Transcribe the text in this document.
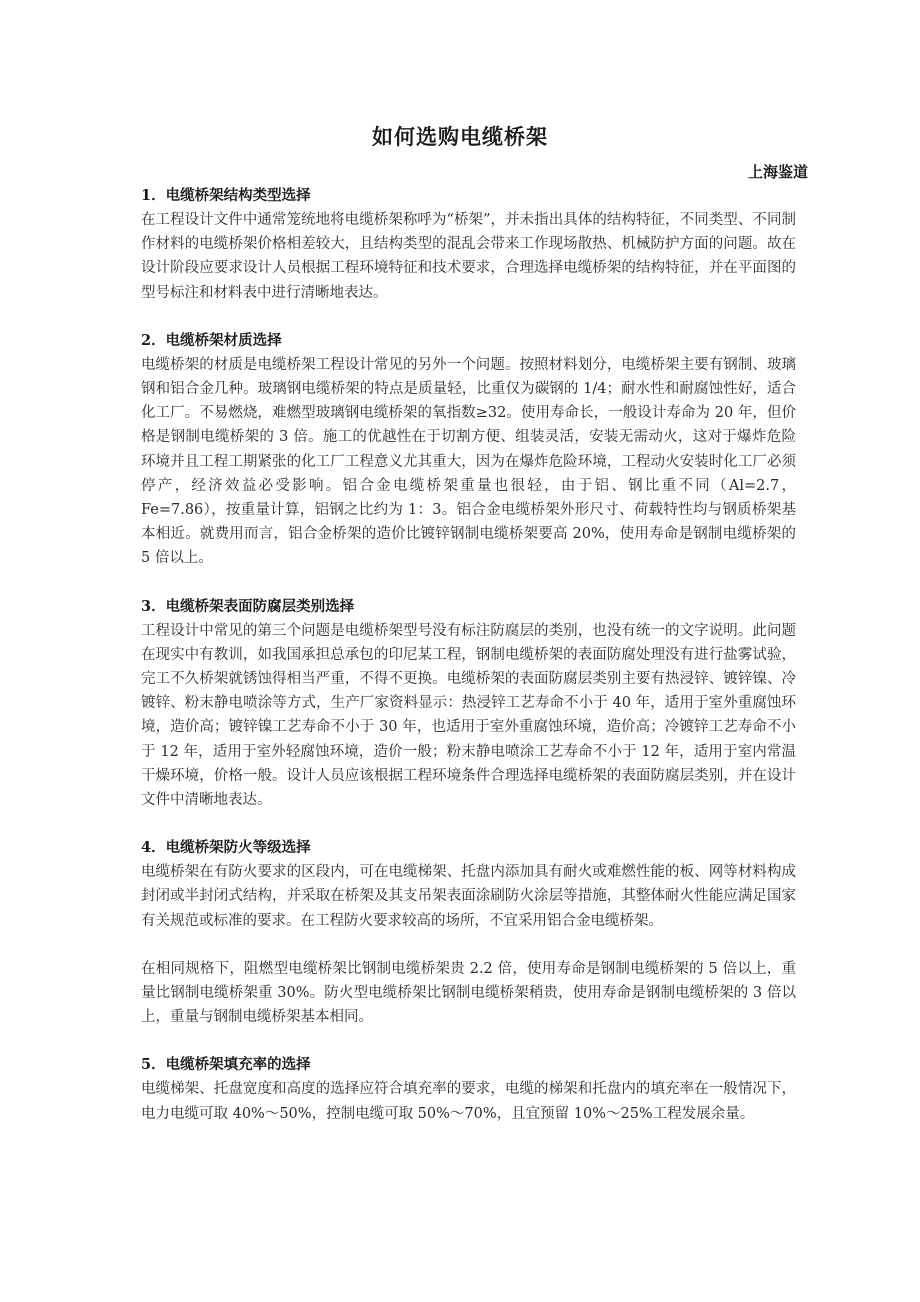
如何选购电缆桥架
上海鉴道
1．电缆桥架结构类型选择

在工程设计文件中通常笼统地将电缆桥架称呼为“桥架”，并未指出具体的结构特征，不同类型、不同制作材料的电缆桥架价格相差较大，且结构类型的混乱会带来工作现场散热、机械防护方面的问题。故在设计阶段应要求设计人员根据工程环境特征和技术要求，合理选择电缆桥架的结构特征，并在平面图的型号标注和材料表中进行清晰地表达。

2．电缆桥架材质选择

电缆桥架的材质是电缆桥架工程设计常见的另外一个问题。按照材料划分，电缆桥架主要有钢制、玻璃钢和铝合金几种。玻璃钢电缆桥架的特点是质量轻，比重仅为碳钢的 1/4；耐水性和耐腐蚀性好，适合化工厂。不易燃烧，难燃型玻璃钢电缆桥架的氧指数≥32。使用寿命长，一般设计寿命为 20 年，但价格是钢制电缆桥架的 3 倍。施工的优越性在于切割方便、组装灵活，安装无需动火，这对于爆炸危险环境并且工程工期紧张的化工厂工程意义尤其重大，因为在爆炸危险环境，工程动火安装时化工厂必须停产，经济效益必受影响。铝合金电缆桥架重量也很轻，由于铝、钢比重不同（Al=2.7，Fe=7.86），按重量计算，铝钢之比约为 1：3。铝合金电缆桥架外形尺寸、荷载特性均与钢质桥架基本相近。就费用而言，铝合金桥架的造价比镀锌钢制电缆桥架要高 20%，使用寿命是钢制电缆桥架的 5 倍以上。

3．电缆桥架表面防腐层类别选择

工程设计中常见的第三个问题是电缆桥架型号没有标注防腐层的类别，也没有统一的文字说明。此问题在现实中有教训，如我国承担总承包的印尼某工程，钢制电缆桥架的表面防腐处理没有进行盐雾试验，完工不久桥架就锈蚀得相当严重，不得不更换。电缆桥架的表面防腐层类别主要有热浸锌、镀锌镍、冷镀锌、粉末静电喷涂等方式，生产厂家资料显示：热浸锌工艺寿命不小于 40 年，适用于室外重腐蚀环境，造价高；镀锌镍工艺寿命不小于 30 年，也适用于室外重腐蚀环境，造价高；冷镀锌工艺寿命不小于 12 年，适用于室外轻腐蚀环境，造价一般；粉末静电喷涂工艺寿命不小于 12 年，适用于室内常温干燥环境，价格一般。设计人员应该根据工程环境条件合理选择电缆桥架的表面防腐层类别，并在设计文件中清晰地表达。

4．电缆桥架防火等级选择

电缆桥架在有防火要求的区段内，可在电缆梯架、托盘内添加具有耐火或难燃性能的板、网等材料构成封闭或半封闭式结构，并采取在桥架及其支吊架表面涂刷防火涂层等措施，其整体耐火性能应满足国家有关规范或标准的要求。在工程防火要求较高的场所，不宜采用铝合金电缆桥架。

在相同规格下，阻燃型电缆桥架比钢制电缆桥架贵 2.2 倍，使用寿命是钢制电缆桥架的 5 倍以上，重量比钢制电缆桥架重 30%。防火型电缆桥架比钢制电缆桥架稍贵，使用寿命是钢制电缆桥架的 3 倍以上，重量与钢制电缆桥架基本相同。

5．电缆桥架填充率的选择

电缆梯架、托盘宽度和高度的选择应符合填充率的要求，电缆的梯架和托盘内的填充率在一般情况下，电力电缆可取 40%～50%，控制电缆可取 50%～70%，且宜预留 10%～25%工程发展余量。
